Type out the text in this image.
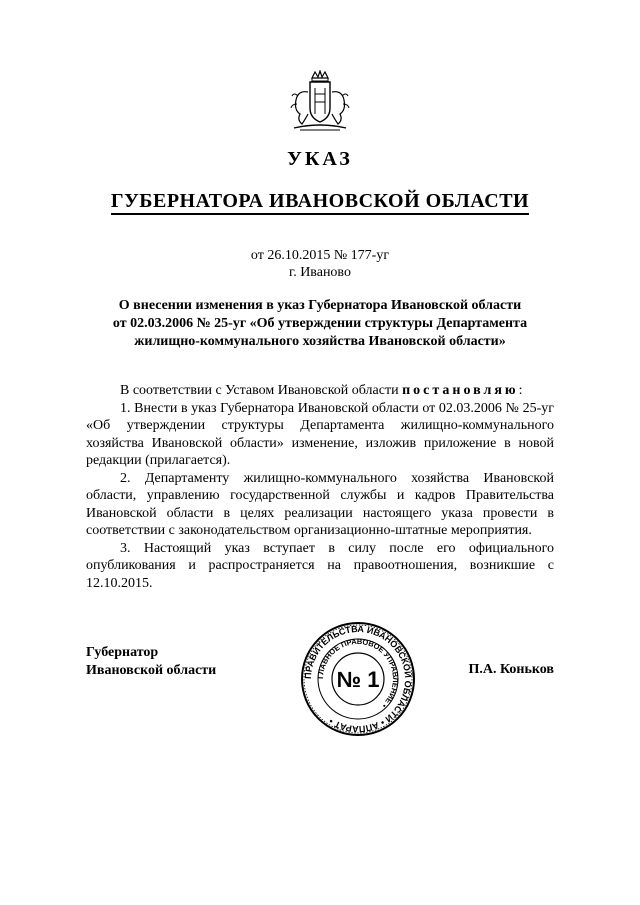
УКАЗ
ГУБЕРНАТОРА ИВАНОВСКОЙ ОБЛАСТИ
от 26.10.2015 № 177-уг
г. Иваново
О внесении изменения в указ Губернатора Ивановской области
от 02.03.2006 № 25-уг «Об утверждении структуры Департамента
жилищно-коммунального хозяйства Ивановской области»

В соответствии с Уставом Ивановской области постановляю:

1. Внести в указ Губернатора Ивановской области от 02.03.2006 № 25-уг «Об утверждении структуры Департамента жилищно-коммунального хозяйства Ивановской области» изменение, изложив приложение в новой редакции (прилагается).

2. Департаменту жилищно-коммунального хозяйства Ивановской области, управлению государственной службы и кадров Правительства Ивановской области в целях реализации настоящего указа провести в соответствии с законодательством организационно-штатные мероприятия.

3. Настоящий указ вступает в силу после его официального опубликования и распространяется на правоотношения, возникшие с 12.10.2015.

Губернатор
Ивановской области	П.А. Коньков
ПРАВИТЕЛЬСТВА ИВАНОВСКОЙ ОБЛАСТИ • АППАРАТ •
ГЛАВНОЕ ПРАВОВОЕ УПРАВЛЕНИЕ •
№ 1
